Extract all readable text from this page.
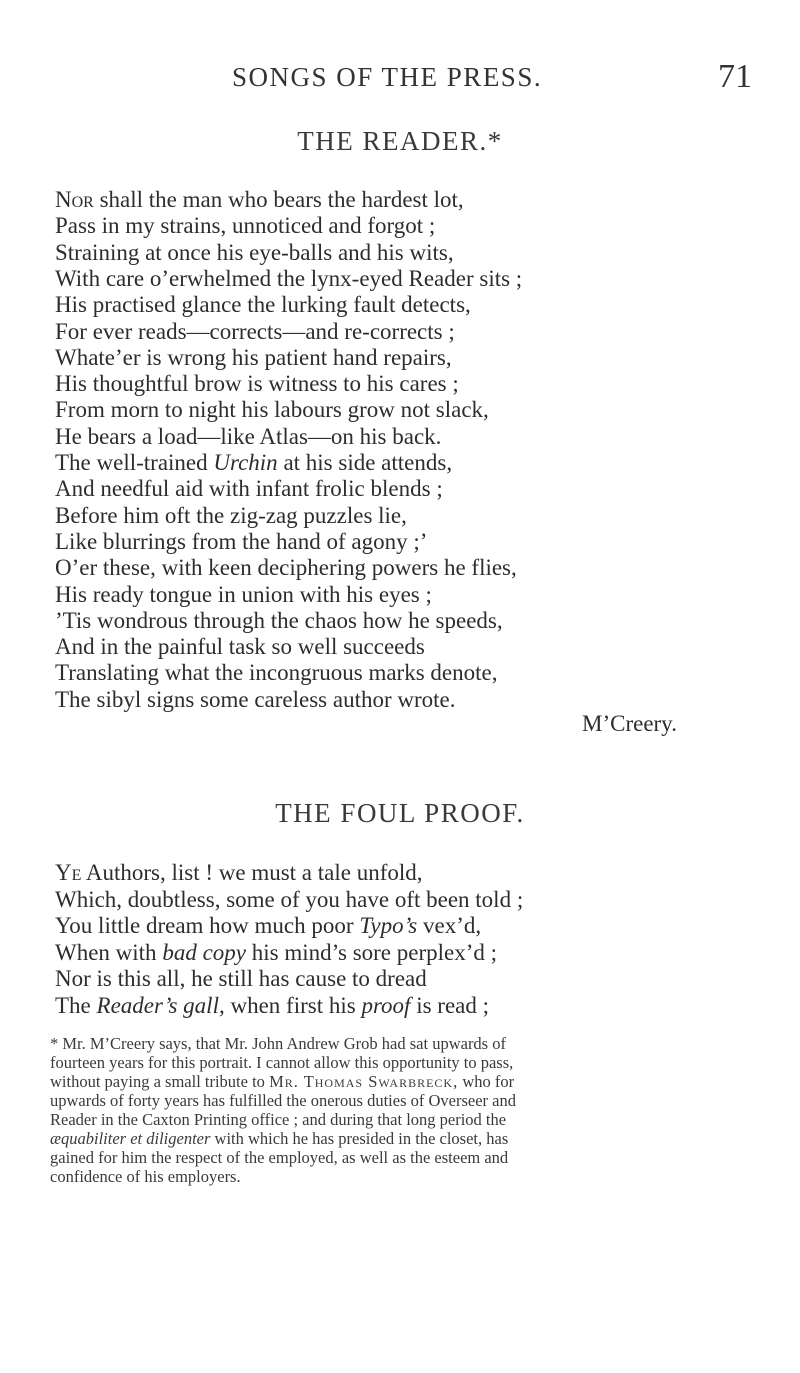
SONGS OF THE PRESS.	71
THE READER.*
Nor shall the man who bears the hardest lot,
Pass in my strains, unnoticed and forgot ;
Straining at once his eye-balls and his wits,
With care o’erwhelmed the lynx-eyed Reader sits ;
His practised glance the lurking fault detects,
For ever reads—corrects—and re-corrects ;
Whate’er is wrong his patient hand repairs,
His thoughtful brow is witness to his cares ;
From morn to night his labours grow not slack,
He bears a load—like Atlas—on his back.
The well-trained Urchin at his side attends,
And needful aid with infant frolic blends ;
Before him oft the zig-zag puzzles lie,
Like blurrings from the hand of agony ;’
O’er these, with keen deciphering powers he flies,
His ready tongue in union with his eyes ;
’Tis wondrous through the chaos how he speeds,
And in the painful task so well succeeds
Translating what the incongruous marks denote,
The sibyl signs some careless author wrote.
M’Creery.
THE FOUL PROOF.
Ye Authors, list ! we must a tale unfold,
Which, doubtless, some of you have oft been told ;
You little dream how much poor Typo’s vex’d,
When with bad copy his mind’s sore perplex’d ;
Nor is this all, he still has cause to dread
The Reader’s gall, when first his proof is read ;
* Mr. M’Creery says, that Mr. John Andrew Grob had sat upwards of
fourteen years for this portrait. I cannot allow this opportunity to pass,
without paying a small tribute to Mr. Thomas Swarbreck, who for
upwards of forty years has fulfilled the onerous duties of Overseer and
Reader in the Caxton Printing office ; and during that long period the
æquabiliter et diligenter with which he has presided in the closet, has
gained for him the respect of the employed, as well as the esteem and
confidence of his employers.
